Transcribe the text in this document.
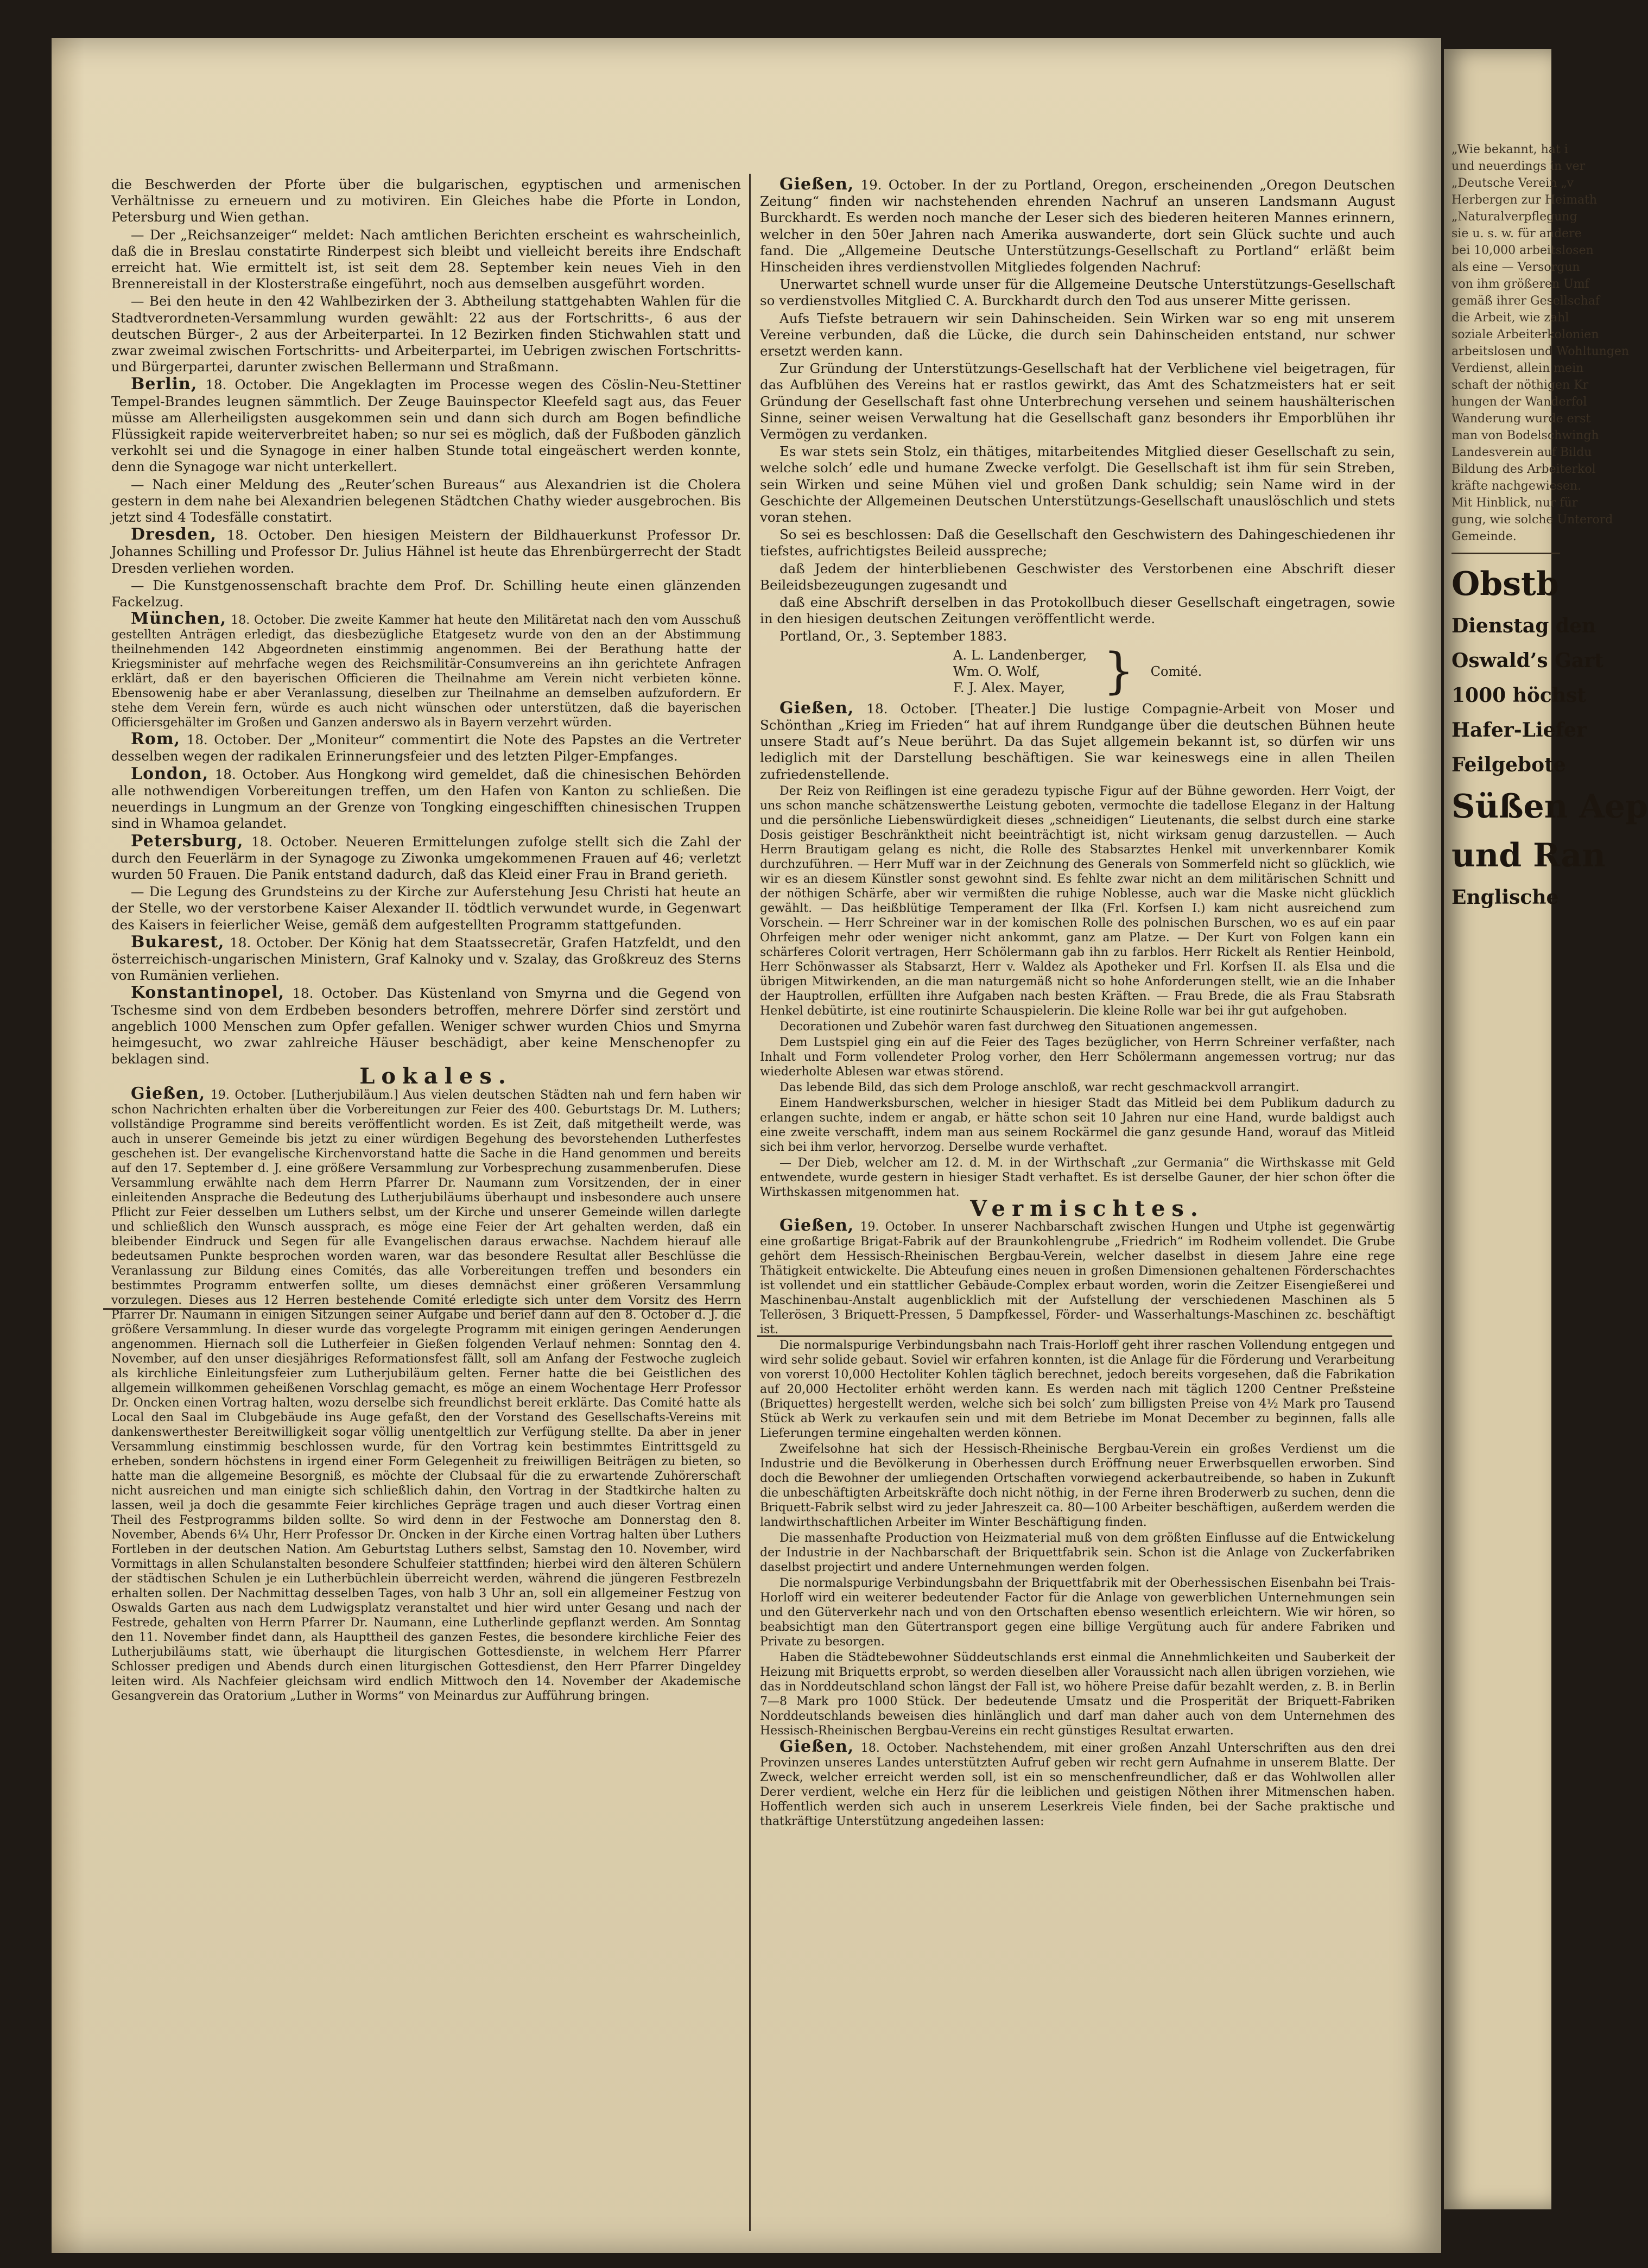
die Beschwerden der Pforte über die bulgarischen, egyptischen und armenischen Verhältnisse zu erneuern und zu motiviren. Ein Gleiches habe die Pforte in London, Petersburg und Wien gethan.

— Der „Reichsanzeiger“ meldet: Nach amtlichen Berichten erscheint es wahrscheinlich, daß die in Breslau constatirte Rinderpest sich bleibt und vielleicht bereits ihre Endschaft erreicht hat. Wie ermittelt ist, ist seit dem 28. September kein neues Vieh in den Brennereistall in der Klosterstraße eingeführt, noch aus demselben ausgeführt worden.

— Bei den heute in den 42 Wahlbezirken der 3. Abtheilung stattgehabten Wahlen für die Stadtverordneten-Versammlung wurden gewählt: 22 aus der Fortschritts-, 6 aus der deutschen Bürger-, 2 aus der Arbeiterpartei. In 12 Bezirken finden Stichwahlen statt und zwar zweimal zwischen Fortschritts- und Arbeiterpartei, im Uebrigen zwischen Fortschritts- und Bürgerpartei, darunter zwischen Bellermann und Straßmann.

Berlin, 18. October. Die Angeklagten im Processe wegen des Cöslin-Neu-Stettiner Tempel-Brandes leugnen sämmtlich. Der Zeuge Bauinspector Kleefeld sagt aus, das Feuer müsse am Allerheiligsten ausgekommen sein und dann sich durch am Bogen befindliche Flüssigkeit rapide weiterverbreitet haben; so nur sei es möglich, daß der Fußboden gänzlich verkohlt sei und die Synagoge in einer halben Stunde total eingeäschert werden konnte, denn die Synagoge war nicht unterkellert.

— Nach einer Meldung des „Reuter’schen Bureaus“ aus Alexandrien ist die Cholera gestern in dem nahe bei Alexandrien belegenen Städtchen Chathy wieder ausgebrochen. Bis jetzt sind 4 Todesfälle constatirt.

Dresden, 18. October. Den hiesigen Meistern der Bildhauerkunst Professor Dr. Johannes Schilling und Professor Dr. Julius Hähnel ist heute das Ehrenbürgerrecht der Stadt Dresden verliehen worden.

— Die Kunstgenossenschaft brachte dem Prof. Dr. Schilling heute einen glänzenden Fackelzug.

München, 18. October. Die zweite Kammer hat heute den Militäretat nach den vom Ausschuß gestellten Anträgen erledigt, das diesbezügliche Etatgesetz wurde von den an der Abstimmung theilnehmenden 142 Abgeordneten einstimmig angenommen. Bei der Berathung hatte der Kriegsminister auf mehrfache wegen des Reichsmilitär-Consumvereins an ihn gerichtete Anfragen erklärt, daß er den bayerischen Officieren die Theilnahme am Verein nicht verbieten könne. Ebensowenig habe er aber Veranlassung, dieselben zur Theilnahme an demselben aufzufordern. Er stehe dem Verein fern, würde es auch nicht wünschen oder unterstützen, daß die bayerischen Officiersgehälter im Großen und Ganzen anderswo als in Bayern verzehrt würden.

Rom, 18. October. Der „Moniteur“ commentirt die Note des Papstes an die Vertreter desselben wegen der radikalen Erinnerungsfeier und des letzten Pilger-Empfanges.

London, 18. October. Aus Hongkong wird gemeldet, daß die chinesischen Behörden alle nothwendigen Vorbereitungen treffen, um den Hafen von Kanton zu schließen. Die neuerdings in Lungmum an der Grenze von Tongking eingeschifften chinesischen Truppen sind in Whamoa gelandet.

Petersburg, 18. October. Neueren Ermittelungen zufolge stellt sich die Zahl der durch den Feuerlärm in der Synagoge zu Ziwonka umgekommenen Frauen auf 46; verletzt wurden 50 Frauen. Die Panik entstand dadurch, daß das Kleid einer Frau in Brand gerieth.

— Die Legung des Grundsteins zu der Kirche zur Auferstehung Jesu Christi hat heute an der Stelle, wo der verstorbene Kaiser Alexander II. tödtlich verwundet wurde, in Gegenwart des Kaisers in feierlicher Weise, gemäß dem aufgestellten Programm stattgefunden.

Bukarest, 18. October. Der König hat dem Staatssecretär, Grafen Hatzfeldt, und den österreichisch-ungarischen Ministern, Graf Kalnoky und v. Szalay, das Großkreuz des Sterns von Rumänien verliehen.

Konstantinopel, 18. October. Das Küstenland von Smyrna und die Gegend von Tschesme sind von dem Erdbeben besonders betroffen, mehrere Dörfer sind zerstört und angeblich 1000 Menschen zum Opfer gefallen. Weniger schwer wurden Chios und Smyrna heimgesucht, wo zwar zahlreiche Häuser beschädigt, aber keine Menschenopfer zu beklagen sind.

Lokales.

Gießen, 19. October. [Lutherjubiläum.] Aus vielen deutschen Städten nah und fern haben wir schon Nachrichten erhalten über die Vorbereitungen zur Feier des 400. Geburtstags Dr. M. Luthers; vollständige Programme sind bereits veröffentlicht worden. Es ist Zeit, daß mitgetheilt werde, was auch in unserer Gemeinde bis jetzt zu einer würdigen Begehung des bevorstehenden Lutherfestes geschehen ist. Der evangelische Kirchenvorstand hatte die Sache in die Hand genommen und bereits auf den 17. September d. J. eine größere Versammlung zur Vorbesprechung zusammenberufen. Diese Versammlung erwählte nach dem Herrn Pfarrer Dr. Naumann zum Vorsitzenden, der in einer einleitenden Ansprache die Bedeutung des Lutherjubiläums überhaupt und insbesondere auch unsere Pflicht zur Feier desselben um Luthers selbst, um der Kirche und unserer Gemeinde willen darlegte und schließlich den Wunsch aussprach, es möge eine Feier der Art gehalten werden, daß ein bleibender Eindruck und Segen für alle Evangelischen daraus erwachse. Nachdem hierauf alle bedeutsamen Punkte besprochen worden waren, war das besondere Resultat aller Beschlüsse die Veranlassung zur Bildung eines Comités, das alle Vorbereitungen treffen und besonders ein bestimmtes Programm entwerfen sollte, um dieses demnächst einer größeren Versammlung vorzulegen. Dieses aus 12 Herren bestehende Comité erledigte sich unter dem Vorsitz des Herrn Pfarrer Dr. Naumann in einigen Sitzungen seiner Aufgabe und berief dann auf den 8. October d. J. die größere Versammlung. In dieser wurde das vorgelegte Programm mit einigen geringen Aenderungen angenommen. Hiernach soll die Lutherfeier in Gießen folgenden Verlauf nehmen: Sonntag den 4. November, auf den unser diesjähriges Reformationsfest fällt, soll am Anfang der Festwoche zugleich als kirchliche Einleitungsfeier zum Lutherjubiläum gelten. Ferner hatte die bei Geistlichen des allgemein willkommen geheißenen Vorschlag gemacht, es möge an einem Wochentage Herr Professor Dr. Oncken einen Vortrag halten, wozu derselbe sich freundlichst bereit erklärte. Das Comité hatte als Local den Saal im Clubgebäude ins Auge gefaßt, den der Vorstand des Gesellschafts-Vereins mit dankenswerthester Bereitwilligkeit sogar völlig unentgeltlich zur Verfügung stellte. Da aber in jener Versammlung einstimmig beschlossen wurde, für den Vortrag kein bestimmtes Eintrittsgeld zu erheben, sondern höchstens in irgend einer Form Gelegenheit zu freiwilligen Beiträgen zu bieten, so hatte man die allgemeine Besorgniß, es möchte der Clubsaal für die zu erwartende Zuhörerschaft nicht ausreichen und man einigte sich schließlich dahin, den Vortrag in der Stadtkirche halten zu lassen, weil ja doch die gesammte Feier kirchliches Gepräge tragen und auch dieser Vortrag einen Theil des Festprogramms bilden sollte. So wird denn in der Festwoche am Donnerstag den 8. November, Abends 6¼ Uhr, Herr Professor Dr. Oncken in der Kirche einen Vortrag halten über Luthers Fortleben in der deutschen Nation. Am Geburtstag Luthers selbst, Samstag den 10. November, wird Vormittags in allen Schulanstalten besondere Schulfeier stattfinden; hierbei wird den älteren Schülern der städtischen Schulen je ein Lutherbüchlein überreicht werden, während die jüngeren Festbrezeln erhalten sollen. Der Nachmittag desselben Tages, von halb 3 Uhr an, soll ein allgemeiner Festzug von Oswalds Garten aus nach dem Ludwigsplatz veranstaltet und hier wird unter Gesang und nach der Festrede, gehalten von Herrn Pfarrer Dr. Naumann, eine Lutherlinde gepflanzt werden. Am Sonntag den 11. November findet dann, als Haupttheil des ganzen Festes, die besondere kirchliche Feier des Lutherjubiläums statt, wie überhaupt die liturgischen Gottesdienste, in welchem Herr Pfarrer Schlosser predigen und Abends durch einen liturgischen Gottesdienst, den Herr Pfarrer Dingeldey leiten wird. Als Nachfeier gleichsam wird endlich Mittwoch den 14. November der Akademische Gesangverein das Oratorium „Luther in Worms“ von Meinardus zur Aufführung bringen.

Gießen, 19. October. In der zu Portland, Oregon, erscheinenden „Oregon Deutschen Zeitung“ finden wir nachstehenden ehrenden Nachruf an unseren Landsmann August Burckhardt. Es werden noch manche der Leser sich des biederen heiteren Mannes erinnern, welcher in den 50er Jahren nach Amerika auswanderte, dort sein Glück suchte und auch fand. Die „Allgemeine Deutsche Unterstützungs-Gesellschaft zu Portland“ erläßt beim Hinscheiden ihres verdienstvollen Mitgliedes folgenden Nachruf:

Unerwartet schnell wurde unser für die Allgemeine Deutsche Unterstützungs-Gesellschaft so verdienstvolles Mitglied C. A. Burckhardt durch den Tod aus unserer Mitte gerissen.

Aufs Tiefste betrauern wir sein Dahinscheiden. Sein Wirken war so eng mit unserem Vereine verbunden, daß die Lücke, die durch sein Dahinscheiden entstand, nur schwer ersetzt werden kann.

Zur Gründung der Unterstützungs-Gesellschaft hat der Verblichene viel beigetragen, für das Aufblühen des Vereins hat er rastlos gewirkt, das Amt des Schatzmeisters hat er seit Gründung der Gesellschaft fast ohne Unterbrechung versehen und seinem haushälterischen Sinne, seiner weisen Verwaltung hat die Gesellschaft ganz besonders ihr Emporblühen ihr Vermögen zu verdanken.

Es war stets sein Stolz, ein thätiges, mitarbeitendes Mitglied dieser Gesellschaft zu sein, welche solch’ edle und humane Zwecke verfolgt. Die Gesellschaft ist ihm für sein Streben, sein Wirken und seine Mühen viel und großen Dank schuldig; sein Name wird in der Geschichte der Allgemeinen Deutschen Unterstützungs-Gesellschaft unauslöschlich und stets voran stehen.

So sei es beschlossen: Daß die Gesellschaft den Geschwistern des Dahingeschiedenen ihr tiefstes, aufrichtigstes Beileid ausspreche;

daß Jedem der hinterbliebenen Geschwister des Verstorbenen eine Abschrift dieser Beileidsbezeugungen zugesandt und

daß eine Abschrift derselben in das Protokollbuch dieser Gesellschaft eingetragen, sowie in den hiesigen deutschen Zeitungen veröffentlicht werde.

Portland, Or., 3. September 1883.

A. L. Landenberger,
Wm. O. Wolf,
F. J. Alex. Mayer, } Comité.

Gießen, 18. October. [Theater.] Die lustige Compagnie-Arbeit von Moser und Schönthan „Krieg im Frieden“ hat auf ihrem Rundgange über die deutschen Bühnen heute unsere Stadt auf’s Neue berührt. Da das Sujet allgemein bekannt ist, so dürfen wir uns lediglich mit der Darstellung beschäftigen. Sie war keineswegs eine in allen Theilen zufriedenstellende.

Der Reiz von Reiflingen ist eine geradezu typische Figur auf der Bühne geworden. Herr Voigt, der uns schon manche schätzenswerthe Leistung geboten, vermochte die tadellose Eleganz in der Haltung und die persönliche Liebenswürdigkeit dieses „schneidigen“ Lieutenants, die selbst durch eine starke Dosis geistiger Beschränktheit nicht beeinträchtigt ist, nicht wirksam genug darzustellen. — Auch Herrn Brautigam gelang es nicht, die Rolle des Stabsarztes Henkel mit unverkennbarer Komik durchzuführen. — Herr Muff war in der Zeichnung des Generals von Sommerfeld nicht so glücklich, wie wir es an diesem Künstler sonst gewohnt sind. Es fehlte zwar nicht an dem militärischen Schnitt und der nöthigen Schärfe, aber wir vermißten die ruhige Noblesse, auch war die Maske nicht glücklich gewählt. — Das heißblütige Temperament der Ilka (Frl. Korfsen I.) kam nicht ausreichend zum Vorschein. — Herr Schreiner war in der komischen Rolle des polnischen Burschen, wo es auf ein paar Ohrfeigen mehr oder weniger nicht ankommt, ganz am Platze. — Der Kurt von Folgen kann ein schärferes Colorit vertragen, Herr Schölermann gab ihn zu farblos. Herr Rickelt als Rentier Heinbold, Herr Schönwasser als Stabsarzt, Herr v. Waldez als Apotheker und Frl. Korfsen II. als Elsa und die übrigen Mitwirkenden, an die man naturgemäß nicht so hohe Anforderungen stellt, wie an die Inhaber der Hauptrollen, erfüllten ihre Aufgaben nach besten Kräften. — Frau Brede, die als Frau Stabsrath Henkel debütirte, ist eine routinirte Schauspielerin. Die kleine Rolle war bei ihr gut aufgehoben.

Decorationen und Zubehör waren fast durchweg den Situationen angemessen.

Dem Lustspiel ging ein auf die Feier des Tages bezüglicher, von Herrn Schreiner verfaßter, nach Inhalt und Form vollendeter Prolog vorher, den Herr Schölermann angemessen vortrug; nur das wiederholte Ablesen war etwas störend.

Das lebende Bild, das sich dem Prologe anschloß, war recht geschmackvoll arrangirt.

Einem Handwerksburschen, welcher in hiesiger Stadt das Mitleid bei dem Publikum dadurch zu erlangen suchte, indem er angab, er hätte schon seit 10 Jahren nur eine Hand, wurde baldigst auch eine zweite verschafft, indem man aus seinem Rockärmel die ganz gesunde Hand, worauf das Mitleid sich bei ihm verlor, hervorzog. Derselbe wurde verhaftet.

— Der Dieb, welcher am 12. d. M. in der Wirthschaft „zur Germania“ die Wirthskasse mit Geld entwendete, wurde gestern in hiesiger Stadt verhaftet. Es ist derselbe Gauner, der hier schon öfter die Wirthskassen mitgenommen hat.

Vermischtes.

Gießen, 19. October. In unserer Nachbarschaft zwischen Hungen und Utphe ist gegenwärtig eine großartige Brigat-Fabrik auf der Braunkohlengrube „Friedrich“ im Rodheim vollendet. Die Grube gehört dem Hessisch-Rheinischen Bergbau-Verein, welcher daselbst in diesem Jahre eine rege Thätigkeit entwickelte. Die Abteufung eines neuen in großen Dimensionen gehaltenen Förderschachtes ist vollendet und ein stattlicher Gebäude-Complex erbaut worden, worin die Zeitzer Eisengießerei und Maschinenbau-Anstalt augenblicklich mit der Aufstellung der verschiedenen Maschinen als 5 Tellerösen, 3 Briquett-Pressen, 5 Dampfkessel, Förder- und Wasserhaltungs-Maschinen zc. beschäftigt ist.

Die normalspurige Verbindungsbahn nach Trais-Horloff geht ihrer raschen Vollendung entgegen und wird sehr solide gebaut. Soviel wir erfahren konnten, ist die Anlage für die Förderung und Verarbeitung von vorerst 10,000 Hectoliter Kohlen täglich berechnet, jedoch bereits vorgesehen, daß die Fabrikation auf 20,000 Hectoliter erhöht werden kann. Es werden nach mit täglich 1200 Centner Preßsteine (Briquettes) hergestellt werden, welche sich bei solch’ zum billigsten Preise von 4½ Mark pro Tausend Stück ab Werk zu verkaufen sein und mit dem Betriebe im Monat December zu beginnen, falls alle Lieferungen termine eingehalten werden können.

Zweifelsohne hat sich der Hessisch-Rheinische Bergbau-Verein ein großes Verdienst um die Industrie und die Bevölkerung in Oberhessen durch Eröffnung neuer Erwerbsquellen erworben. Sind doch die Bewohner der umliegenden Ortschaften vorwiegend ackerbautreibende, so haben in Zukunft die unbeschäftigten Arbeitskräfte doch nicht nöthig, in der Ferne ihren Broderwerb zu suchen, denn die Briquett-Fabrik selbst wird zu jeder Jahreszeit ca. 80—100 Arbeiter beschäftigen, außerdem werden die landwirthschaftlichen Arbeiter im Winter Beschäftigung finden.

Die massenhafte Production von Heizmaterial muß von dem größten Einflusse auf die Entwickelung der Industrie in der Nachbarschaft der Briquettfabrik sein. Schon ist die Anlage von Zuckerfabriken daselbst projectirt und andere Unternehmungen werden folgen.

Die normalspurige Verbindungsbahn der Briquettfabrik mit der Oberhessischen Eisenbahn bei Trais-Horloff wird ein weiterer bedeutender Factor für die Anlage von gewerblichen Unternehmungen sein und den Güterverkehr nach und von den Ortschaften ebenso wesentlich erleichtern. Wie wir hören, so beabsichtigt man den Gütertransport gegen eine billige Vergütung auch für andere Fabriken und Private zu besorgen.

Haben die Städtebewohner Süddeutschlands erst einmal die Annehmlichkeiten und Sauberkeit der Heizung mit Briquetts erprobt, so werden dieselben aller Voraussicht nach allen übrigen vorziehen, wie das in Norddeutschland schon längst der Fall ist, wo höhere Preise dafür bezahlt werden, z. B. in Berlin 7—8 Mark pro 1000 Stück. Der bedeutende Umsatz und die Prosperität der Briquett-Fabriken Norddeutschlands beweisen dies hinlänglich und darf man daher auch von dem Unternehmen des Hessisch-Rheinischen Bergbau-Vereins ein recht günstiges Resultat erwarten.

Gießen, 18. October. Nachstehendem, mit einer großen Anzahl Unterschriften aus den drei Provinzen unseres Landes unterstützten Aufruf geben wir recht gern Aufnahme in unserem Blatte. Der Zweck, welcher erreicht werden soll, ist ein so menschenfreundlicher, daß er das Wohlwollen aller Derer verdient, welche ein Herz für die leiblichen und geistigen Nöthen ihrer Mitmenschen haben. Hoffentlich werden sich auch in unserem Leserkreis Viele finden, bei der Sache praktische und thatkräftige Unterstützung angedeihen lassen:

„Wie bekannt, hat i
und neuerdings in ver
„Deutsche Verein „v
Herbergen zur Heimath
„Naturalverpflegung
sie u. s. w. für andere
bei 10,000 arbeitslosen
als eine — Versorgun
von ihm größeren Umf
gemäß ihrer Gesellschaf
die Arbeit, wie zahl
soziale Arbeiterkolonien
arbeitslosen und Wohltungen
Verdienst, allein mein
schaft der nöthigen Kr
hungen der Wanderfol
Wanderung wurde erst
man von Bodelschwingh
Landesverein auf Bildu
Bildung des Arbeiterkol
kräfte nachgewiesen.
Mit Hinblick, nur für
gung, wie solche Unterord
Gemeinde.
Obstb
Dienstag den
Oswald’s Gart
1000 höchst
Hafer-Liefer
Feilgebote
Süßen Aep
und Ran
Englische
